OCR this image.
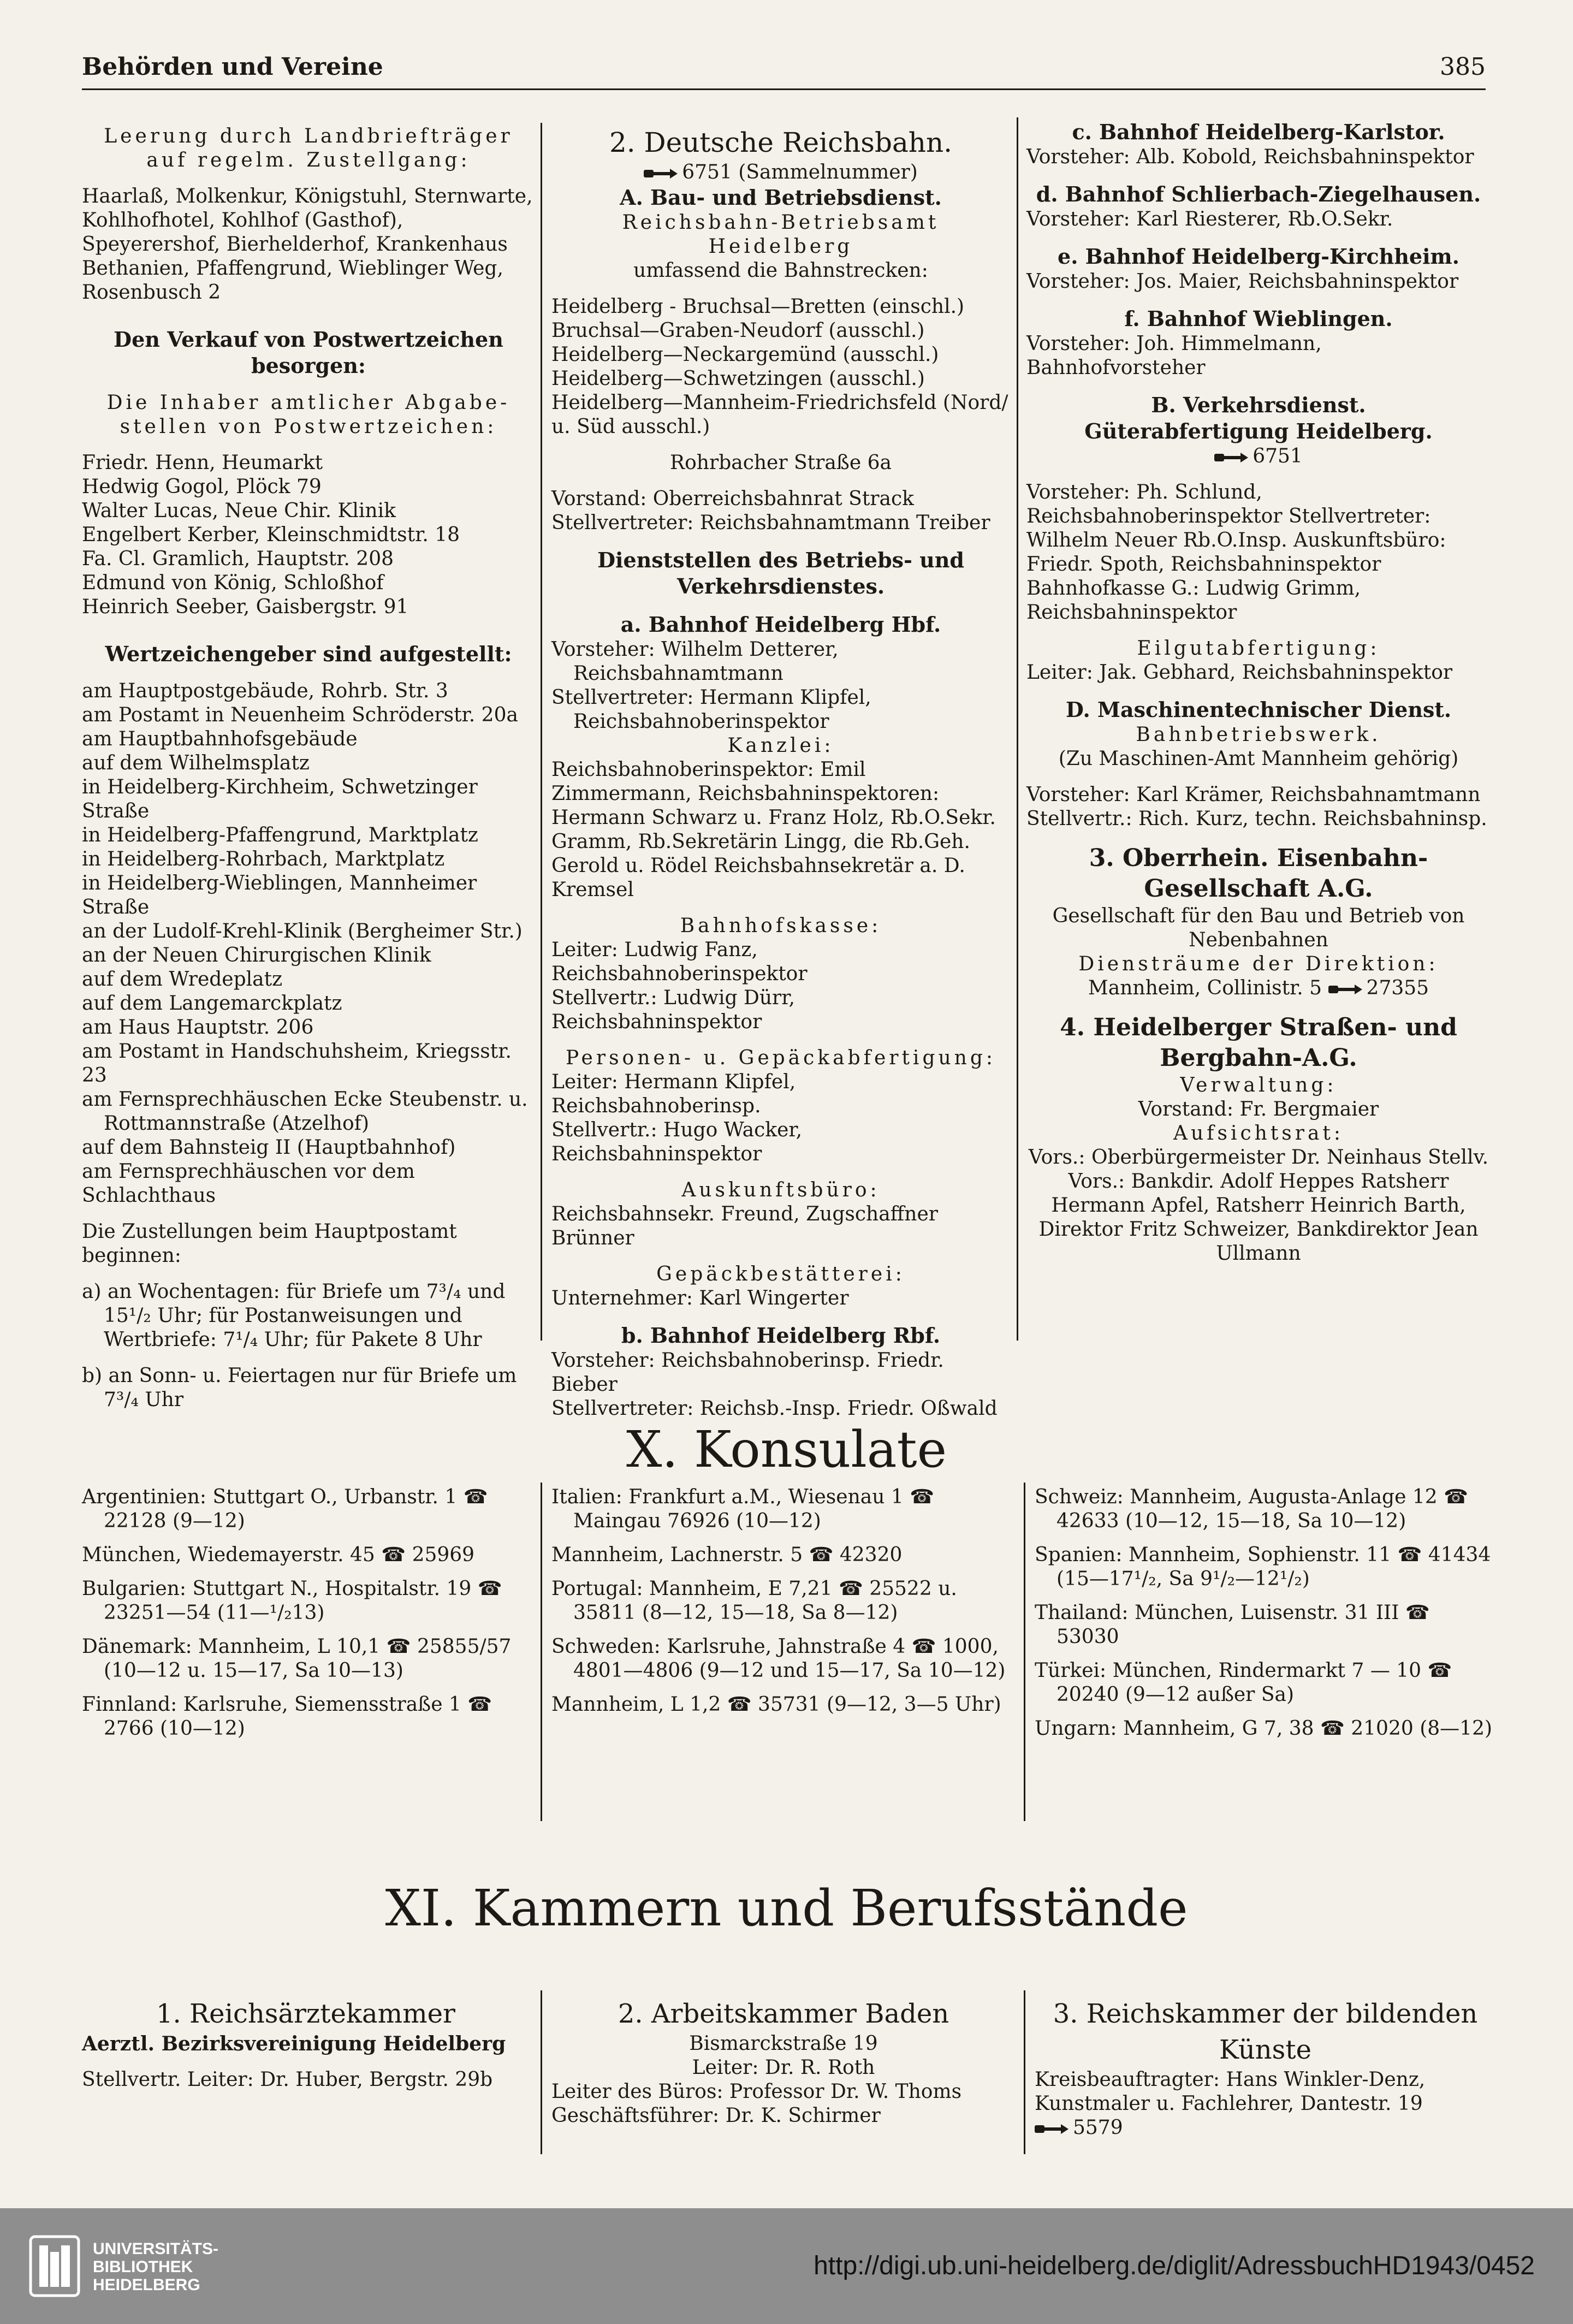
Behörden und Vereine	385

Leerung durch Landbriefträger

auf regelm. Zustellgang:

Haarlaß, Molkenkur, Königstuhl, Sternwarte, Kohlhofhotel, Kohlhof (Gasthof), Speyerershof, Bierhelderhof, Krankenhaus Bethanien, Pfaffengrund, Wieblinger Weg, Rosenbusch 2

Den Verkauf von Postwertzeichen

besorgen:

Die Inhaber amtlicher Abgabe-

stellen von Postwertzeichen:

Friedr. Henn, Heumarkt

Hedwig Gogol, Plöck 79

Walter Lucas, Neue Chir. Klinik

Engelbert Kerber, Kleinschmidtstr. 18

Fa. Cl. Gramlich, Hauptstr. 208

Edmund von König, Schloßhof

Heinrich Seeber, Gaisbergstr. 91

Wertzeichengeber sind aufgestellt:

am Hauptpostgebäude, Rohrb. Str. 3

am Postamt in Neuenheim Schröderstr. 20a

am Hauptbahnhofsgebäude

auf dem Wilhelmsplatz

in Heidelberg-Kirchheim, Schwetzinger Straße

in Heidelberg-Pfaffengrund, Marktplatz

in Heidelberg-Rohrbach, Marktplatz

in Heidelberg-Wieblingen, Mannheimer Straße

an der Ludolf-Krehl-Klinik (Bergheimer Str.)

an der Neuen Chirurgischen Klinik

auf dem Wredeplatz

auf dem Langemarckplatz

am Haus Hauptstr. 206

am Postamt in Handschuhsheim, Kriegsstr. 23

am Fernsprechhäuschen Ecke Steubenstr. u. Rottmannstraße (Atzelhof)

auf dem Bahnsteig II (Hauptbahnhof)

am Fernsprechhäuschen vor dem Schlachthaus

Die Zustellungen beim Hauptpostamt beginnen:

a) an Wochentagen: für Briefe um 7³/₄ und 15¹/₂ Uhr; für Postanweisungen und Wertbriefe: 7¹/₄ Uhr; für Pakete 8 Uhr

b) an Sonn- u. Feiertagen nur für Briefe um 7³/₄ Uhr

2. Deutsche Reichsbahn.

6751 (Sammelnummer)

A. Bau- und Betriebsdienst.

Reichsbahn-Betriebsamt Heidelberg

umfassend die Bahnstrecken:

Heidelberg - Bruchsal—Bretten (einschl.) Bruchsal—Graben-Neudorf (ausschl.) Heidelberg—Neckargemünd (ausschl.) Heidelberg—Schwetzingen (ausschl.) Heidelberg—Mannheim-Friedrichsfeld (Nord/ u. Süd ausschl.)

Rohrbacher Straße 6a

Vorstand: Oberreichsbahnrat Strack

Stellvertreter: Reichsbahnamtmann Treiber

Dienststellen des Betriebs- und Verkehrsdienstes.

a. Bahnhof Heidelberg Hbf.

Vorsteher: Wilhelm Detterer, Reichsbahnamtmann

Stellvertreter: Hermann Klipfel, Reichsbahnoberinspektor

Kanzlei:

Reichsbahnoberinspektor: Emil Zimmermann, Reichsbahninspektoren: Hermann Schwarz u. Franz Holz, Rb.O.Sekr. Gramm, Rb.Sekretärin Lingg, die Rb.Geh. Gerold u. Rödel Reichsbahnsekretär a. D. Kremsel

Bahnhofskasse:

Leiter: Ludwig Fanz, Reichsbahnoberinspektor

Stellvertr.: Ludwig Dürr, Reichsbahninspektor

Personen- u. Gepäckabfertigung:

Leiter: Hermann Klipfel, Reichsbahnoberinsp.

Stellvertr.: Hugo Wacker, Reichsbahninspektor

Auskunftsbüro:

Reichsbahnsekr. Freund, Zugschaffner Brünner

Gepäckbestätterei:

Unternehmer: Karl Wingerter

b. Bahnhof Heidelberg Rbf.

Vorsteher: Reichsbahnoberinsp. Friedr. Bieber

Stellvertreter: Reichsb.-Insp. Friedr. Oßwald

c. Bahnhof Heidelberg-Karlstor.

Vorsteher: Alb. Kobold, Reichsbahninspektor

d. Bahnhof Schlierbach-Ziegelhausen.

Vorsteher: Karl Riesterer, Rb.O.Sekr.

e. Bahnhof Heidelberg-Kirchheim.

Vorsteher: Jos. Maier, Reichsbahninspektor

f. Bahnhof Wieblingen.

Vorsteher: Joh. Himmelmann, Bahnhofvorsteher

B. Verkehrsdienst.

Güterabfertigung Heidelberg.

6751

Vorsteher: Ph. Schlund, Reichsbahnoberinspektor Stellvertreter: Wilhelm Neuer Rb.O.Insp. Auskunftsbüro: Friedr. Spoth, Reichsbahninspektor Bahnhofkasse G.: Ludwig Grimm, Reichsbahninspektor

Eilgutabfertigung:

Leiter: Jak. Gebhard, Reichsbahninspektor

D. Maschinentechnischer Dienst.

Bahnbetriebswerk.

(Zu Maschinen-Amt Mannheim gehörig)

Vorsteher: Karl Krämer, Reichsbahnamtmann Stellvertr.: Rich. Kurz, techn. Reichsbahninsp.

3. Oberrhein. Eisenbahn-Gesellschaft A.G.

Gesellschaft für den Bau und Betrieb von Nebenbahnen

Diensträume der Direktion:

Mannheim, Collinistr. 5 27355

4. Heidelberger Straßen- und Bergbahn-A.G.

Verwaltung:

Vorstand: Fr. Bergmaier

Aufsichtsrat:

Vors.: Oberbürgermeister Dr. Neinhaus Stellv. Vors.: Bankdir. Adolf Heppes Ratsherr Hermann Apfel, Ratsherr Heinrich Barth, Direktor Fritz Schweizer, Bankdirektor Jean Ullmann

X. Konsulate

Argentinien: Stuttgart O., Urbanstr. 1 ☎ 22128 (9—12)

München, Wiedemayerstr. 45 ☎ 25969

Bulgarien: Stuttgart N., Hospitalstr. 19 ☎ 23251—54 (11—¹/₂13)

Dänemark: Mannheim, L 10,1 ☎ 25855/57 (10—12 u. 15—17, Sa 10—13)

Finnland: Karlsruhe, Siemensstraße 1 ☎ 2766 (10—12)

Italien: Frankfurt a.M., Wiesenau 1 ☎ Maingau 76926 (10—12)

Mannheim, Lachnerstr. 5 ☎ 42320

Portugal: Mannheim, E 7,21 ☎ 25522 u. 35811 (8—12, 15—18, Sa 8—12)

Schweden: Karlsruhe, Jahnstraße 4 ☎ 1000, 4801—4806 (9—12 und 15—17, Sa 10—12)

Mannheim, L 1,2 ☎ 35731 (9—12, 3—5 Uhr)

Schweiz: Mannheim, Augusta-Anlage 12 ☎ 42633 (10—12, 15—18, Sa 10—12)

Spanien: Mannheim, Sophienstr. 11 ☎ 41434 (15—17¹/₂, Sa 9¹/₂—12¹/₂)

Thailand: München, Luisenstr. 31 III ☎ 53030

Türkei: München, Rindermarkt 7 — 10 ☎ 20240 (9—12 außer Sa)

Ungarn: Mannheim, G 7, 38 ☎ 21020 (8—12)

XI. Kammern und Berufsstände

1. Reichsärztekammer

Aerztl. Bezirksvereinigung Heidelberg

Stellvertr. Leiter: Dr. Huber, Bergstr. 29b

2. Arbeitskammer Baden

Bismarckstraße 19

Leiter: Dr. R. Roth

Leiter des Büros: Professor Dr. W. Thoms Geschäftsführer: Dr. K. Schirmer

3. Reichskammer der bildenden Künste

Kreisbeauftragter: Hans Winkler-Denz, Kunstmaler u. Fachlehrer, Dantestr. 19

5579

UNIVERSITÄTS-
BIBLIOTHEK
HEIDELBERG
http://digi.ub.uni-heidelberg.de/diglit/AdressbuchHD1943/0452
